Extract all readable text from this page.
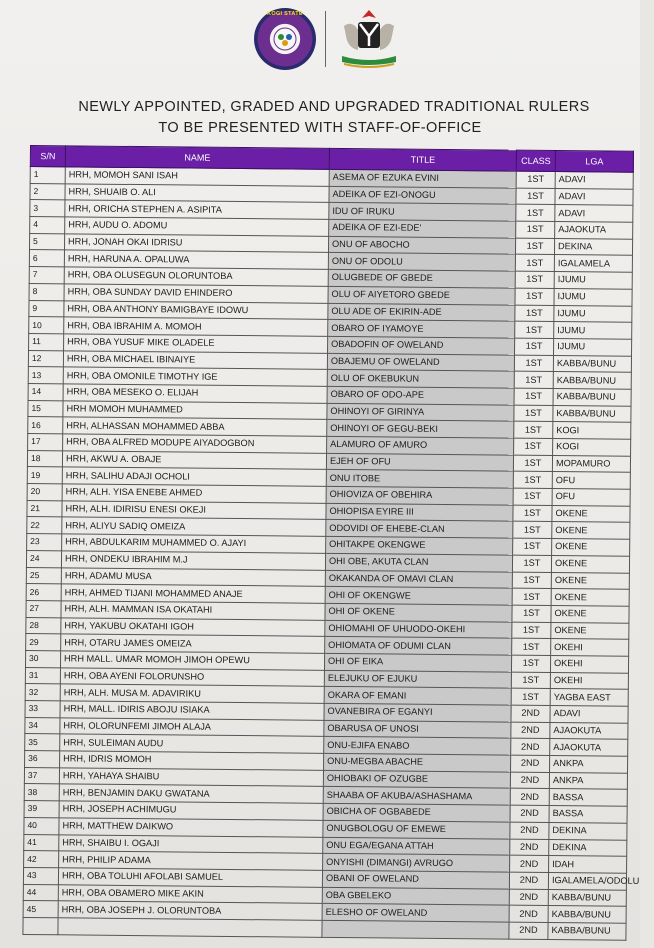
KOGI STATE
NEWLY APPOINTED, GRADED AND UPGRADED TRADITIONAL RULERS
TO BE PRESENTED WITH STAFF-OF-OFFICE
S/N	NAME	TITLE	CLASS	LGA
1	HRH, MOMOH SANI ISAH	ASEMA OF EZUKA EVINI	1ST	ADAVI
2	HRH, SHUAIB O. ALI	ADEIKA OF EZI-ONOGU	1ST	ADAVI
3	HRH, ORICHA STEPHEN A. ASIPITA	IDU OF IRUKU	1ST	ADAVI
4	HRH, AUDU O. ADOMU	ADEIKA OF EZI-EDE'	1ST	AJAOKUTA
5	HRH, JONAH OKAI IDRISU	ONU OF ABOCHO	1ST	DEKINA
6	HRH, HARUNA A. OPALUWA	ONU OF ODOLU	1ST	IGALAMELA
7	HRH, OBA OLUSEGUN OLORUNTOBA	OLUGBEDE OF GBEDE	1ST	IJUMU
8	HRH, OBA SUNDAY DAVID EHINDERO	OLU OF AIYETORO GBEDE	1ST	IJUMU
9	HRH, OBA ANTHONY BAMIGBAYE IDOWU	OLU ADE OF EKIRIN-ADE	1ST	IJUMU
10	HRH, OBA IBRAHIM A. MOMOH	OBARO OF IYAMOYE	1ST	IJUMU
11	HRH, OBA YUSUF MIKE OLADELE	OBADOFIN OF OWELAND	1ST	IJUMU
12	HRH, OBA MICHAEL IBINAIYE	OBAJEMU OF OWELAND	1ST	KABBA/BUNU
13	HRH, OBA OMONILE TIMOTHY IGE	OLU OF OKEBUKUN	1ST	KABBA/BUNU
14	HRH, OBA MESEKO O. ELIJAH	OBARO OF ODO-APE	1ST	KABBA/BUNU
15	HRH MOMOH MUHAMMED	OHINOYI OF GIRINYA	1ST	KABBA/BUNU
16	HRH, ALHASSAN MOHAMMED ABBA	OHINOYI OF GEGU-BEKI	1ST	KOGI
17	HRH, OBA ALFRED MODUPE AIYADOGBON	ALAMURO OF AMURO	1ST	KOGI
18	HRH, AKWU A. OBAJE	EJEH OF OFU	1ST	MOPAMURO
19	HRH, SALIHU ADAJI OCHOLI	ONU ITOBE	1ST	OFU
20	HRH, ALH. YISA ENEBE AHMED	OHIOVIZA OF OBEHIRA	1ST	OFU
21	HRH, ALH. IDIRISU ENESI OKEJI	OHIOPISA EYIRE III	1ST	OKENE
22	HRH, ALIYU SADIQ OMEIZA	ODOVIDI OF EHEBE-CLAN	1ST	OKENE
23	HRH, ABDULKARIM MUHAMMED O. AJAYI	OHITAKPE OKENGWE	1ST	OKENE
24	HRH, ONDEKU IBRAHIM M.J	OHI OBE, AKUTA CLAN	1ST	OKENE
25	HRH, ADAMU MUSA	OKAKANDA OF OMAVI CLAN	1ST	OKENE
26	HRH, AHMED TIJANI MOHAMMED ANAJE	OHI OF OKENGWE	1ST	OKENE
27	HRH, ALH. MAMMAN ISA OKATAHI	OHI OF OKENE	1ST	OKENE
28	HRH, YAKUBU OKATAHI IGOH	OHIOMAHI OF UHUODO-OKEHI	1ST	OKENE
29	HRH, OTARU JAMES OMEIZA	OHIOMATA OF ODUMI CLAN	1ST	OKEHI
30	HRH MALL. UMAR MOMOH JIMOH OPEWU	OHI OF EIKA	1ST	OKEHI
31	HRH, OBA AYENI FOLORUNSHO	ELEJUKU OF EJUKU	1ST	OKEHI
32	HRH, ALH. MUSA M. ADAVIRIKU	OKARA OF EMANI	1ST	YAGBA EAST
33	HRH, MALL. IDIRIS ABOJU ISIAKA	OVANEBIRA OF EGANYI	2ND	ADAVI
34	HRH, OLORUNFEMI JIMOH ALAJA	OBARUSA OF UNOSI	2ND	AJAOKUTA
35	HRH, SULEIMAN AUDU	ONU-EJIFA ENABO	2ND	AJAOKUTA
36	HRH, IDRIS MOMOH	ONU-MEGBA ABACHE	2ND	ANKPA
37	HRH, YAHAYA SHAIBU	OHIOBAKI OF OZUGBE	2ND	ANKPA
38	HRH, BENJAMIN DAKU GWATANA	SHAABA OF AKUBA/ASHASHAMA	2ND	BASSA
39	HRH, JOSEPH ACHIMUGU	OBICHA OF OGBABEDE	2ND	BASSA
40	HRH, MATTHEW DAIKWO	ONUGBOLOGU OF EMEWE	2ND	DEKINA
41	HRH, SHAIBU I. OGAJI	ONU EGA/EGANA ATTAH	2ND	DEKINA
42	HRH, PHILIP ADAMA	ONYISHI (DIMANGI) AVRUGO	2ND	IDAH
43	HRH, OBA TOLUHI AFOLABI SAMUEL	OBANI OF OWELAND	2ND	IGALAMELA/ODOLU
44	HRH, OBA OBAMERO MIKE AKIN	OBA GBELEKO	2ND	KABBA/BUNU
45	HRH, OBA JOSEPH J. OLORUNTOBA	ELESHO OF OWELAND	2ND	KABBA/BUNU
			2ND	KABBA/BUNU
